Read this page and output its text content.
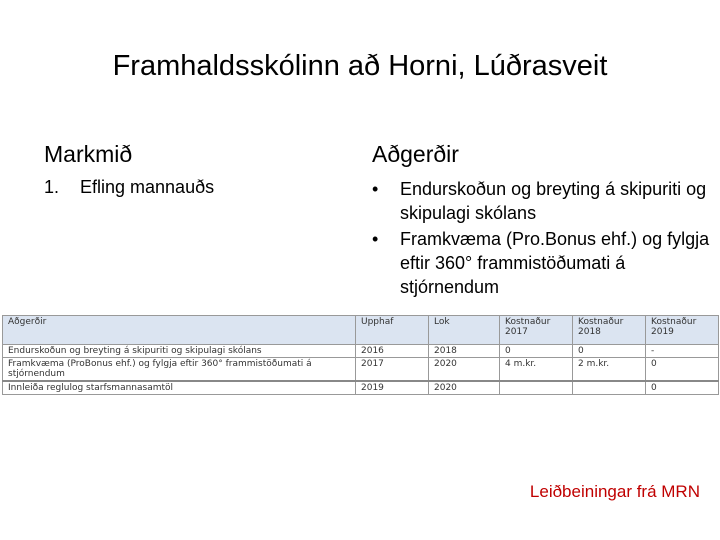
Framhaldsskólinn að Horni, Lúðrasveit
Markmið	Aðgerðir
1. Efling mannauðs	• Endurskoðun og breyting á skipuriti og skipulagi skólans
• Framkvæma (Pro.Bonus ehf.) og fylgja eftir 360° frammistöðumati á stjórnendum
Aðgerðir	Upphaf	Lok	Kostnaður 2017	Kostnaður 2018	Kostnaður 2019
Endurskoðun og breyting á skipuriti og skipulagi skólans	2016	2018	0	0	-
Framkvæma (ProBonus ehf.) og fylgja eftir 360° frammistöðumati á stjórnendum	2017	2020	4 m.kr.	2 m.kr.	0
Innleiða reglulog starfsmannasamtöl	2019	2020			0
Leiðbeiningar frá MRN
